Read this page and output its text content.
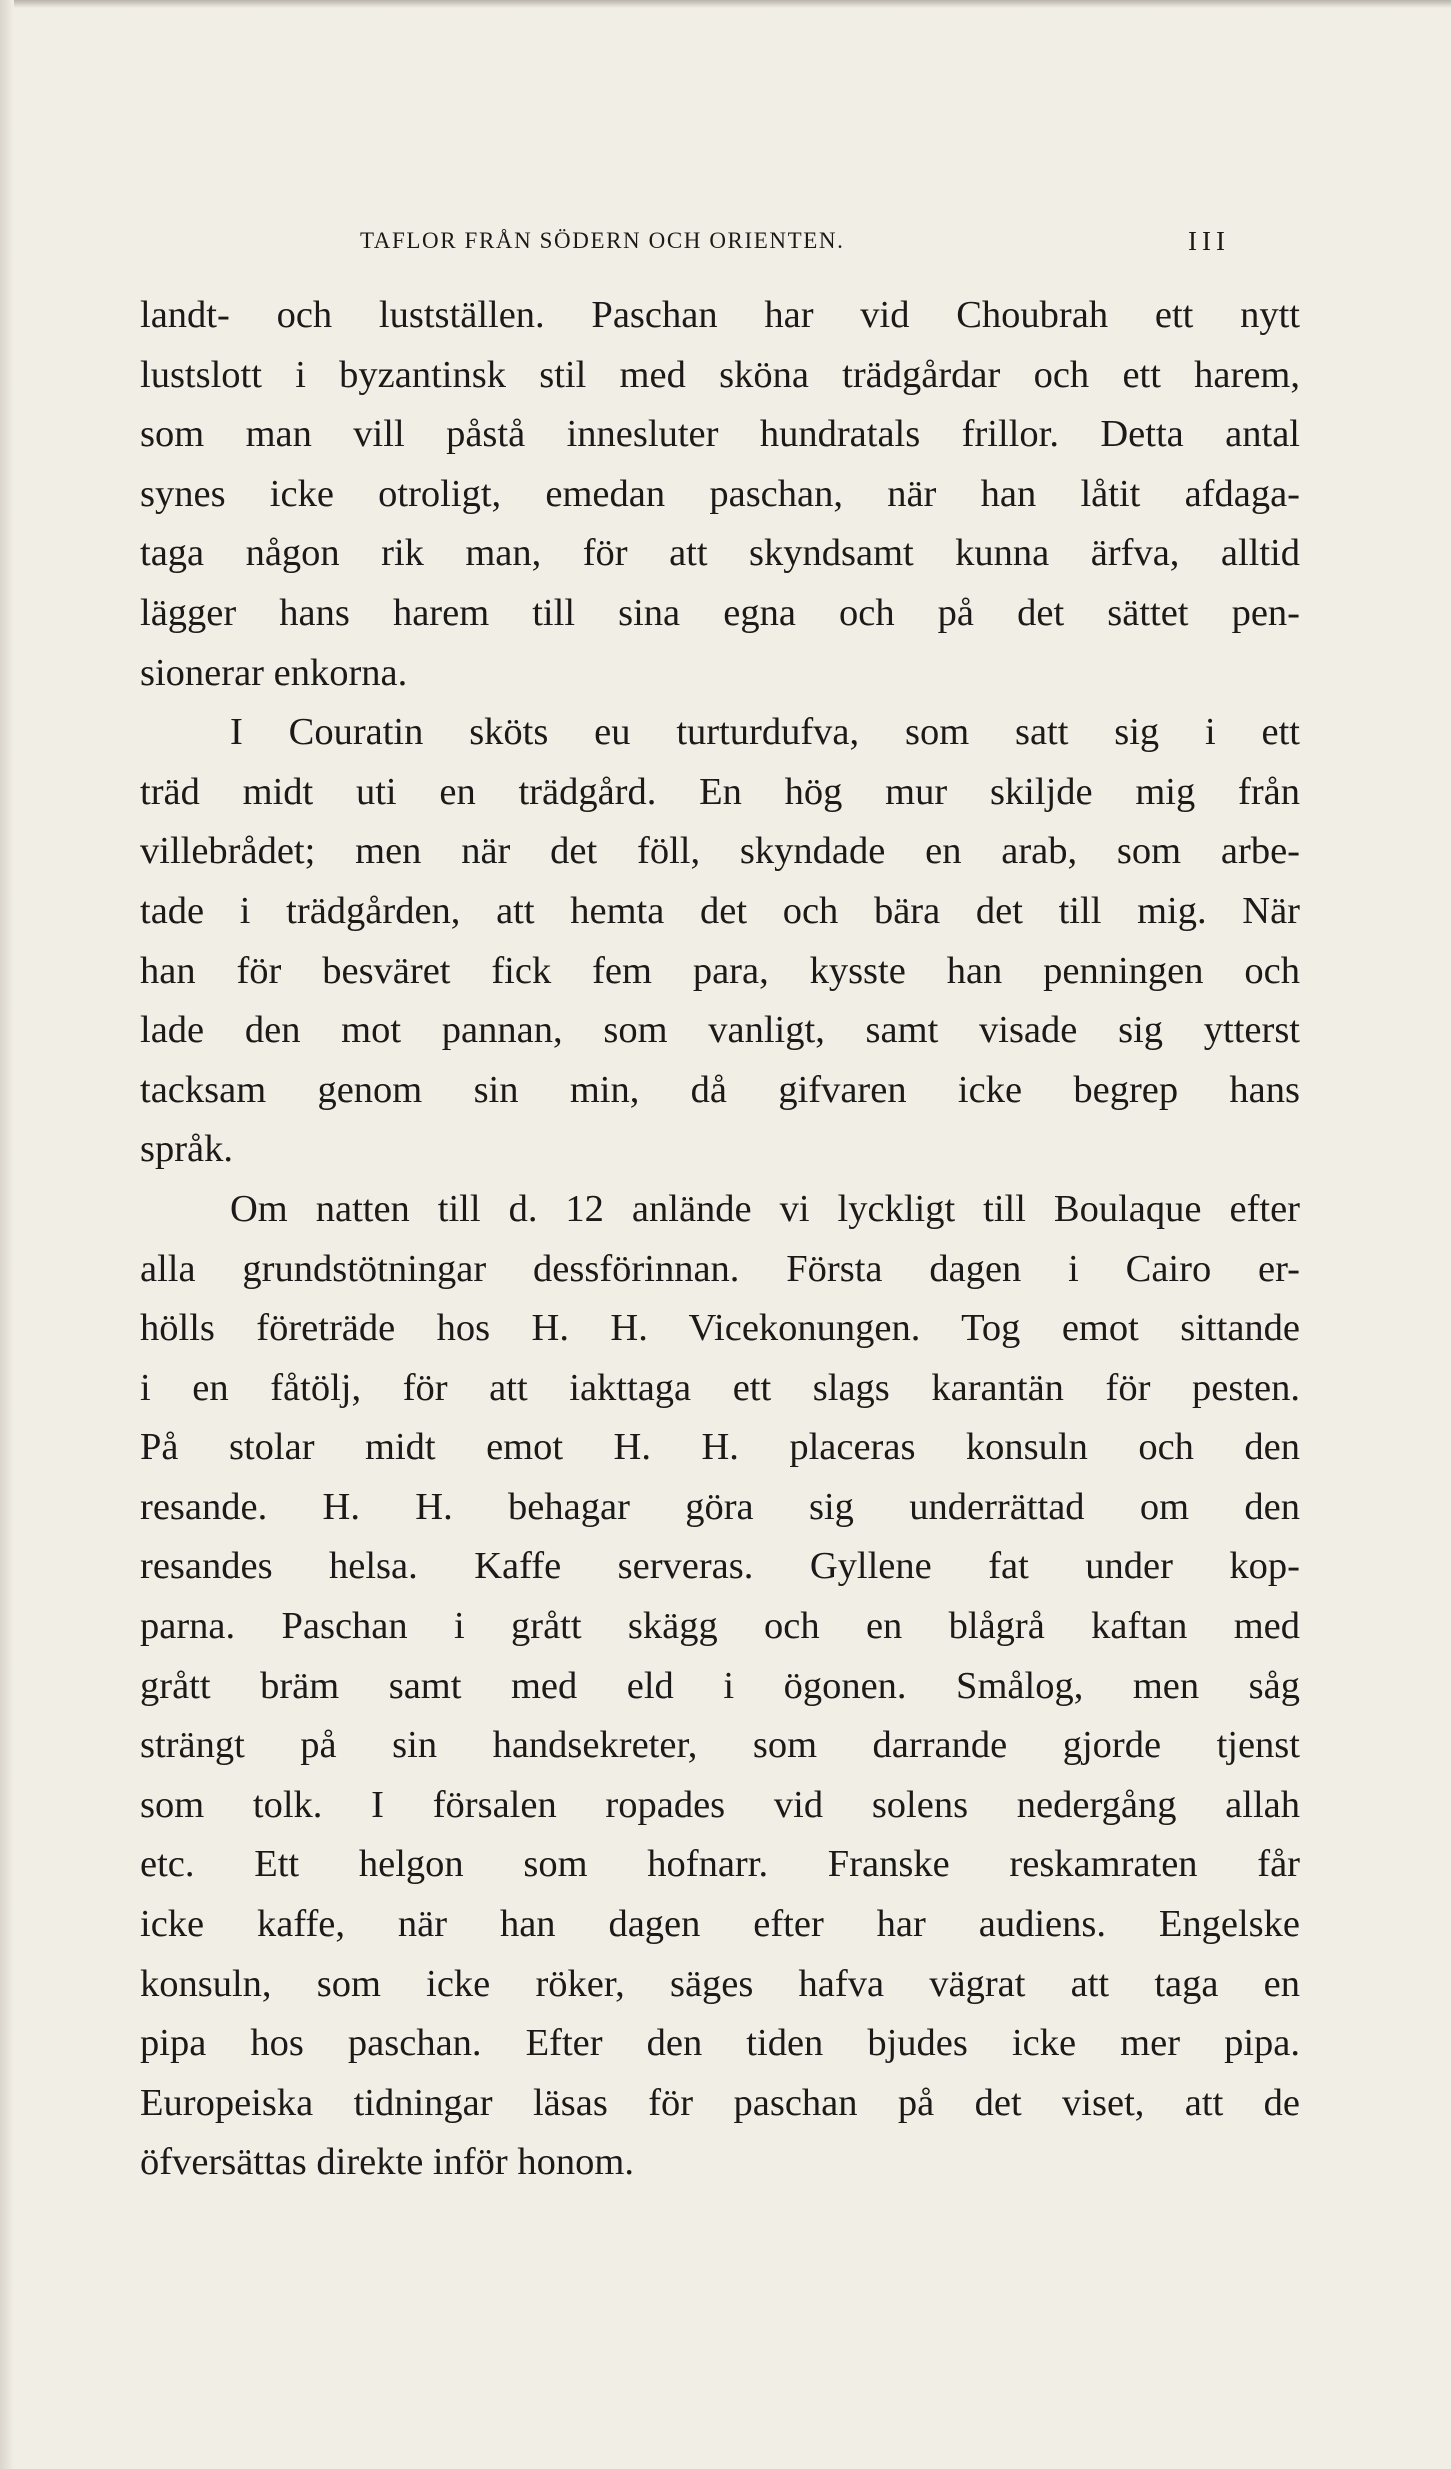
TAFLOR FRÅN SÖDERN OCH ORIENTEN.	III
landt- och lustställen. Paschan har vid Choubrah ett nytt
lustslott i byzantinsk stil med sköna trädgårdar och ett harem,
som man vill påstå innesluter hundratals frillor. Detta antal
synes icke otroligt, emedan paschan, när han låtit afdaga-
taga någon rik man, för att skyndsamt kunna ärfva, alltid
lägger hans harem till sina egna och på det sättet pen-
sionerar enkorna.
I Couratin sköts eu turturdufva, som satt sig i ett
träd midt uti en trädgård. En hög mur skiljde mig från
villebrådet; men när det föll, skyndade en arab, som arbe-
tade i trädgården, att hemta det och bära det till mig. När
han för besväret fick fem para, kysste han penningen och
lade den mot pannan, som vanligt, samt visade sig ytterst
tacksam genom sin min, då gifvaren icke begrep hans
språk.
Om natten till d. 12 anlände vi lyckligt till Boulaque efter
alla grundstötningar dessförinnan. Första dagen i Cairo er-
hölls företräde hos H. H. Vicekonungen. Tog emot sittande
i en fåtölj, för att iakttaga ett slags karantän för pesten.
På stolar midt emot H. H. placeras konsuln och den
resande. H. H. behagar göra sig underrättad om den
resandes helsa. Kaffe serveras. Gyllene fat under kop-
parna. Paschan i grått skägg och en blågrå kaftan med
grått bräm samt med eld i ögonen. Smålog, men såg
strängt på sin handsekreter, som darrande gjorde tjenst
som tolk. I försalen ropades vid solens nedergång allah
etc. Ett helgon som hofnarr. Franske reskamraten får
icke kaffe, när han dagen efter har audiens. Engelske
konsuln, som icke röker, säges hafva vägrat att taga en
pipa hos paschan. Efter den tiden bjudes icke mer pipa.
Europeiska tidningar läsas för paschan på det viset, att de
öfversättas direkte inför honom.
